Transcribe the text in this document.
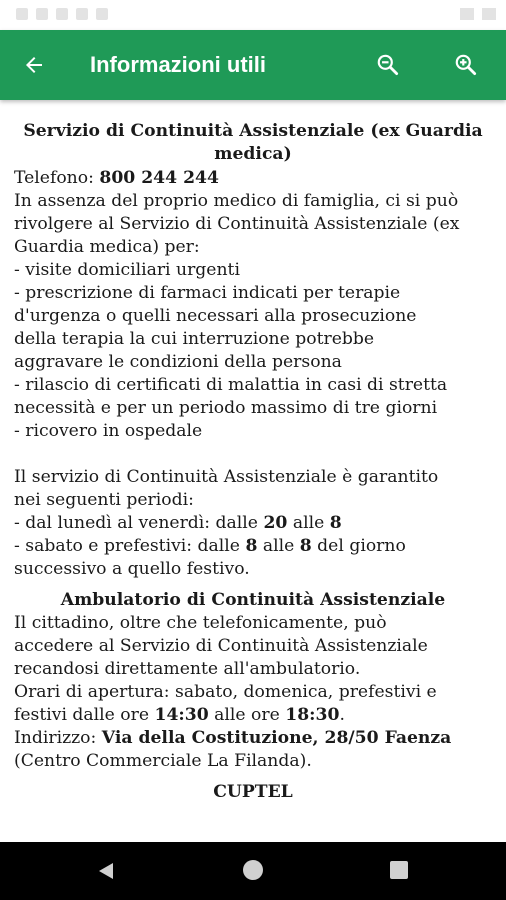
Informazioni utili
Servizio di Continuità Assistenziale (ex Guardia medica)
Telefono: 800 244 244
In assenza del proprio medico di famiglia, ci si può
rivolgere al Servizio di Continuità Assistenziale (ex
Guardia medica) per:
- visite domiciliari urgenti
- prescrizione di farmaci indicati per terapie
d'urgenza o quelli necessari alla prosecuzione
della terapia la cui interruzione potrebbe
aggravare le condizioni della persona
- rilascio di certificati di malattia in casi di stretta
necessità e per un periodo massimo di tre giorni
- ricovero in ospedale
Il servizio di Continuità Assistenziale è garantito
nei seguenti periodi:
- dal lunedì al venerdì: dalle 20 alle 8
- sabato e prefestivi: dalle 8 alle 8 del giorno
successivo a quello festivo.
Ambulatorio di Continuità Assistenziale
Il cittadino, oltre che telefonicamente, può
accedere al Servizio di Continuità Assistenziale
recandosi direttamente all'ambulatorio.
Orari di apertura: sabato, domenica, prefestivi e
festivi dalle ore 14:30 alle ore 18:30.
Indirizzo: Via della Costituzione, 28/50 Faenza
(Centro Commerciale La Filanda).
CUPTEL
